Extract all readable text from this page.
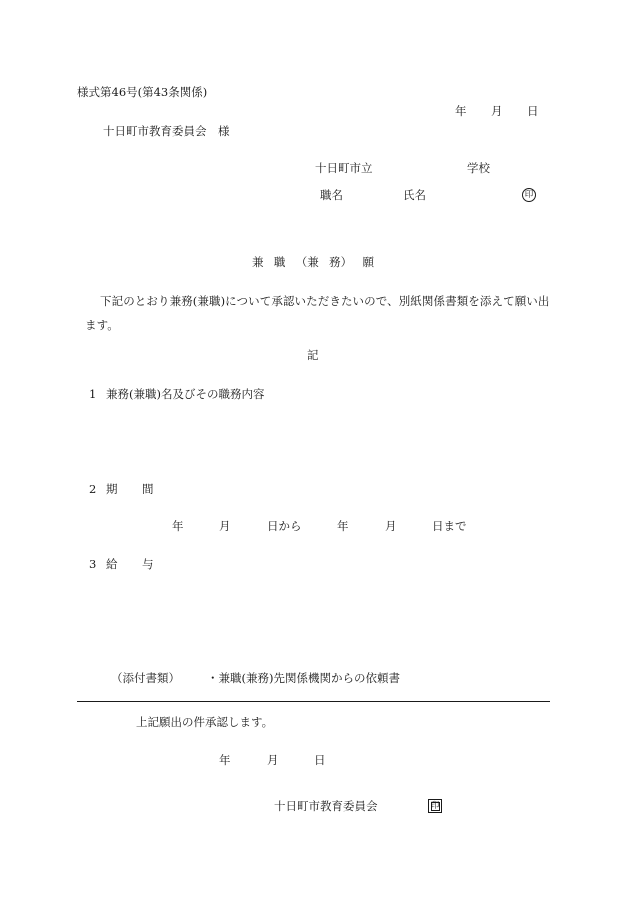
様式第46号(第43条関係)
年 月 日
十日町市教育委員会　様
十日町市立	学校
職名	氏名	印
兼 職 （兼 務） 願
下記のとおり兼務(兼職)について承認いただきたいので、別紙関係書類を添えて願い出ます。
記
1 兼務(兼職)名及びその職務内容
2 期 間
年	月	日から	年	月	日まで
3 給 与
（添付書類） ・兼職(兼務)先関係機関からの依頼書
上記願出の件承認します。
年	月	日
十日町市教育委員会	印
